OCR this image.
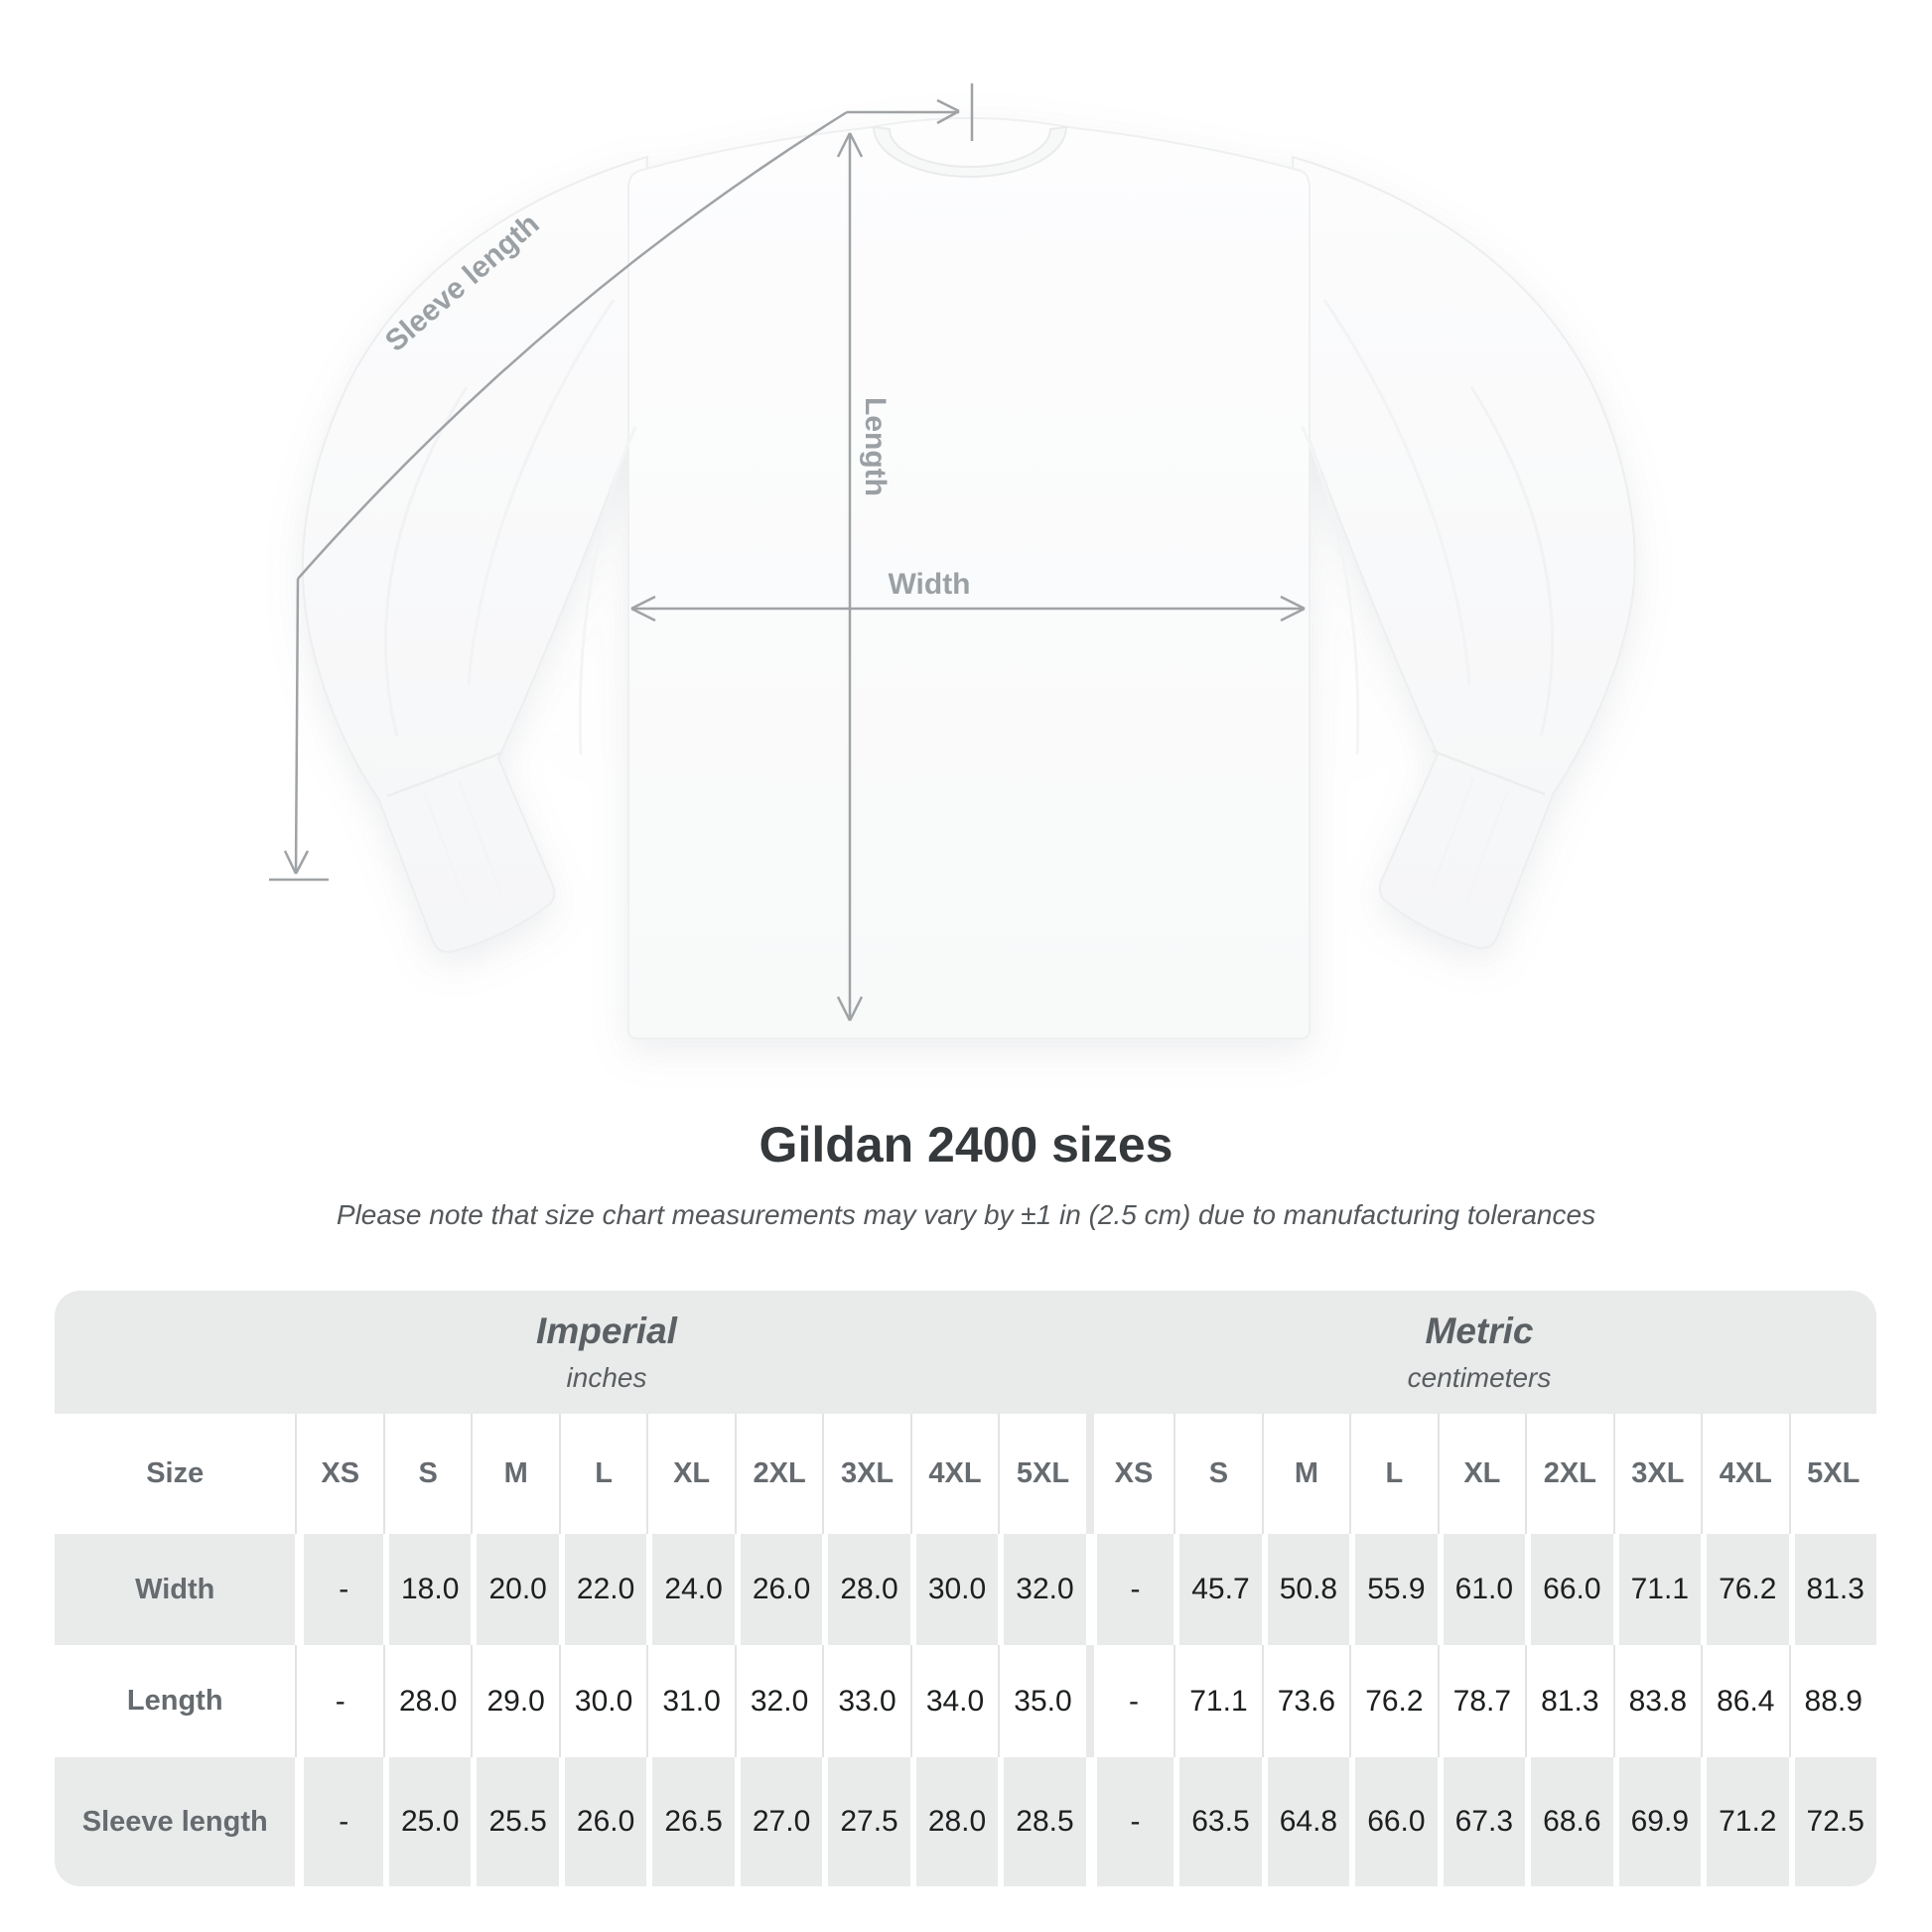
Width
Length
Sleeve length
Gildan 2400 sizes
Please note that size chart measurements may vary by ±1 in (2.5 cm) due to manufacturing tolerances
Imperial
inches
Metric
centimeters
Size	XS	S	M	L	XL	2XL	3XL	4XL	5XL	XS	S	M	L	XL	2XL	3XL	4XL	5XL
Width	-	18.0	20.0	22.0	24.0	26.0	28.0	30.0	32.0	-	45.7	50.8	55.9	61.0	66.0	71.1	76.2	81.3
Length	-	28.0	29.0	30.0	31.0	32.0	33.0	34.0	35.0	-	71.1	73.6	76.2	78.7	81.3	83.8	86.4	88.9
Sleeve length	-	25.0	25.5	26.0	26.5	27.0	27.5	28.0	28.5	-	63.5	64.8	66.0	67.3	68.6	69.9	71.2	72.5
